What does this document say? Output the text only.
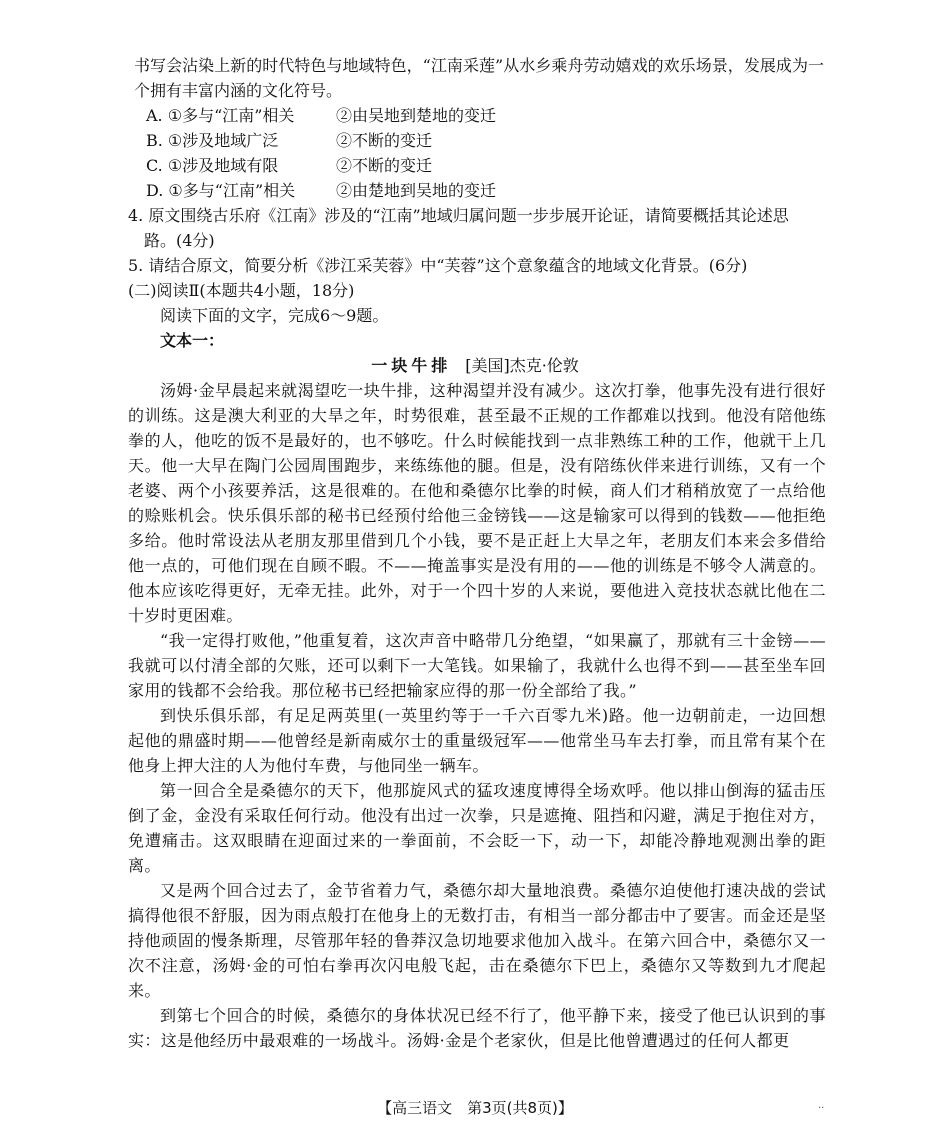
书写会沾染上新的时代特色与地域特色，“江南采莲”从水乡乘舟劳动嬉戏的欢乐场景，发展成为一个拥有丰富内涵的文化符号。

A. ①多与“江南”相关	②由吴地到楚地的变迁
B. ①涉及地域广泛	②不断的变迁
C. ①涉及地域有限	②不断的变迁
D. ①多与“江南”相关	②由楚地到吴地的变迁

4. 原文围绕古乐府《江南》涉及的“江南”地域归属问题一步步展开论证，请简要概括其论述思

路。(4分)

5. 请结合原文，简要分析《涉江采芙蓉》中“芙蓉”这个意象蕴含的地域文化背景。(6分)

(二)阅读Ⅱ(本题共4小题，18分)
阅读下面的文字，完成6～9题。
文本一：
一块牛排 [美国]杰克·伦敦

汤姆·金早晨起来就渴望吃一块牛排，这种渴望并没有减少。这次打拳，他事先没有进行很好的训练。这是澳大利亚的大旱之年，时势很难，甚至最不正规的工作都难以找到。他没有陪他练拳的人，他吃的饭不是最好的，也不够吃。什么时候能找到一点非熟练工种的工作，他就干上几天。他一大早在陶门公园周围跑步，来练练他的腿。但是，没有陪练伙伴来进行训练，又有一个老婆、两个小孩要养活，这是很难的。在他和桑德尔比拳的时候，商人们才稍稍放宽了一点给他的赊账机会。快乐俱乐部的秘书已经预付给他三金镑钱——这是输家可以得到的钱数——他拒绝多给。他时常设法从老朋友那里借到几个小钱，要不是正赶上大旱之年，老朋友们本来会多借给他一点的，可他们现在自顾不暇。不——掩盖事实是没有用的——他的训练是不够令人满意的。他本应该吃得更好，无牵无挂。此外，对于一个四十岁的人来说，要他进入竞技状态就比他在二十岁时更困难。

“我一定得打败他，”他重复着，这次声音中略带几分绝望，“如果赢了，那就有三十金镑——我就可以付清全部的欠账，还可以剩下一大笔钱。如果输了，我就什么也得不到——甚至坐车回家用的钱都不会给我。那位秘书已经把输家应得的那一份全部给了我。”

到快乐俱乐部，有足足两英里(一英里约等于一千六百零九米)路。他一边朝前走，一边回想起他的鼎盛时期——他曾经是新南威尔士的重量级冠军——他常坐马车去打拳，而且常有某个在他身上押大注的人为他付车费，与他同坐一辆车。

第一回合全是桑德尔的天下，他那旋风式的猛攻速度博得全场欢呼。他以排山倒海的猛击压倒了金，金没有采取任何行动。他没有出过一次拳，只是遮掩、阻挡和闪避，满足于抱住对方，免遭痛击。这双眼睛在迎面过来的一拳面前，不会眨一下，动一下，却能冷静地观测出拳的距离。

又是两个回合过去了，金节省着力气，桑德尔却大量地浪费。桑德尔迫使他打速决战的尝试搞得他很不舒服，因为雨点般打在他身上的无数打击，有相当一部分都击中了要害。而金还是坚持他顽固的慢条斯理，尽管那年轻的鲁莽汉急切地要求他加入战斗。在第六回合中，桑德尔又一次不注意，汤姆·金的可怕右拳再次闪电般飞起，击在桑德尔下巴上，桑德尔又等数到九才爬起来。

到第七个回合的时候，桑德尔的身体状况已经不行了，他平静下来，接受了他已认识到的事实：这是他经历中最艰难的一场战斗。汤姆·金是个老家伙，但是比他曾遭遇过的任何人都更

【高三语文　第3页(共8页)】	..
